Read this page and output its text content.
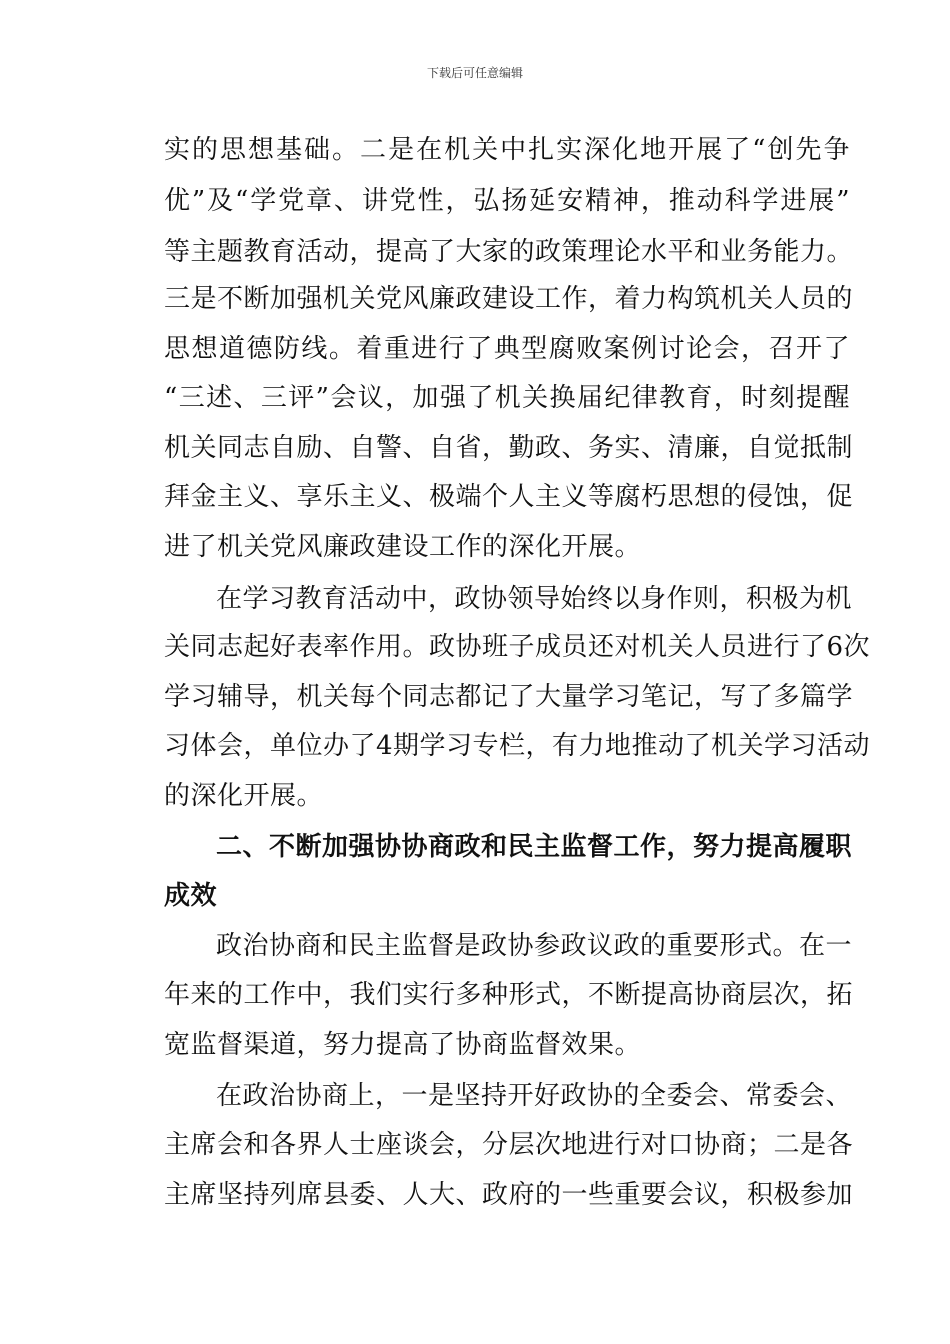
下载后可任意编辑
实的思想基础。二是在机关中扎实深化地开展了“创先争
优”及“学党章、讲党性，弘扬延安精神，推动科学进展”
等主题教育活动，提高了大家的政策理论水平和业务能力。
三是不断加强机关党风廉政建设工作，着力构筑机关人员的
思想道德防线。着重进行了典型腐败案例讨论会，召开了
“三述、三评”会议，加强了机关换届纪律教育，时刻提醒
机关同志自励、自警、自省，勤政、务实、清廉，自觉抵制
拜金主义、享乐主义、极端个人主义等腐朽思想的侵蚀，促
进了机关党风廉政建设工作的深化开展。
在学习教育活动中，政协领导始终以身作则，积极为机
关同志起好表率作用。政协班子成员还对机关人员进行了6次
学习辅导，机关每个同志都记了大量学习笔记，写了多篇学
习体会，单位办了4期学习专栏，有力地推动了机关学习活动
的深化开展。
二、不断加强协协商政和民主监督工作，努力提高履职
成效
政治协商和民主监督是政协参政议政的重要形式。在一
年来的工作中，我们实行多种形式，不断提高协商层次，拓
宽监督渠道，努力提高了协商监督效果。
在政治协商上，一是坚持开好政协的全委会、常委会、
主席会和各界人士座谈会，分层次地进行对口协商；二是各
主席坚持列席县委、人大、政府的一些重要会议，积极参加
